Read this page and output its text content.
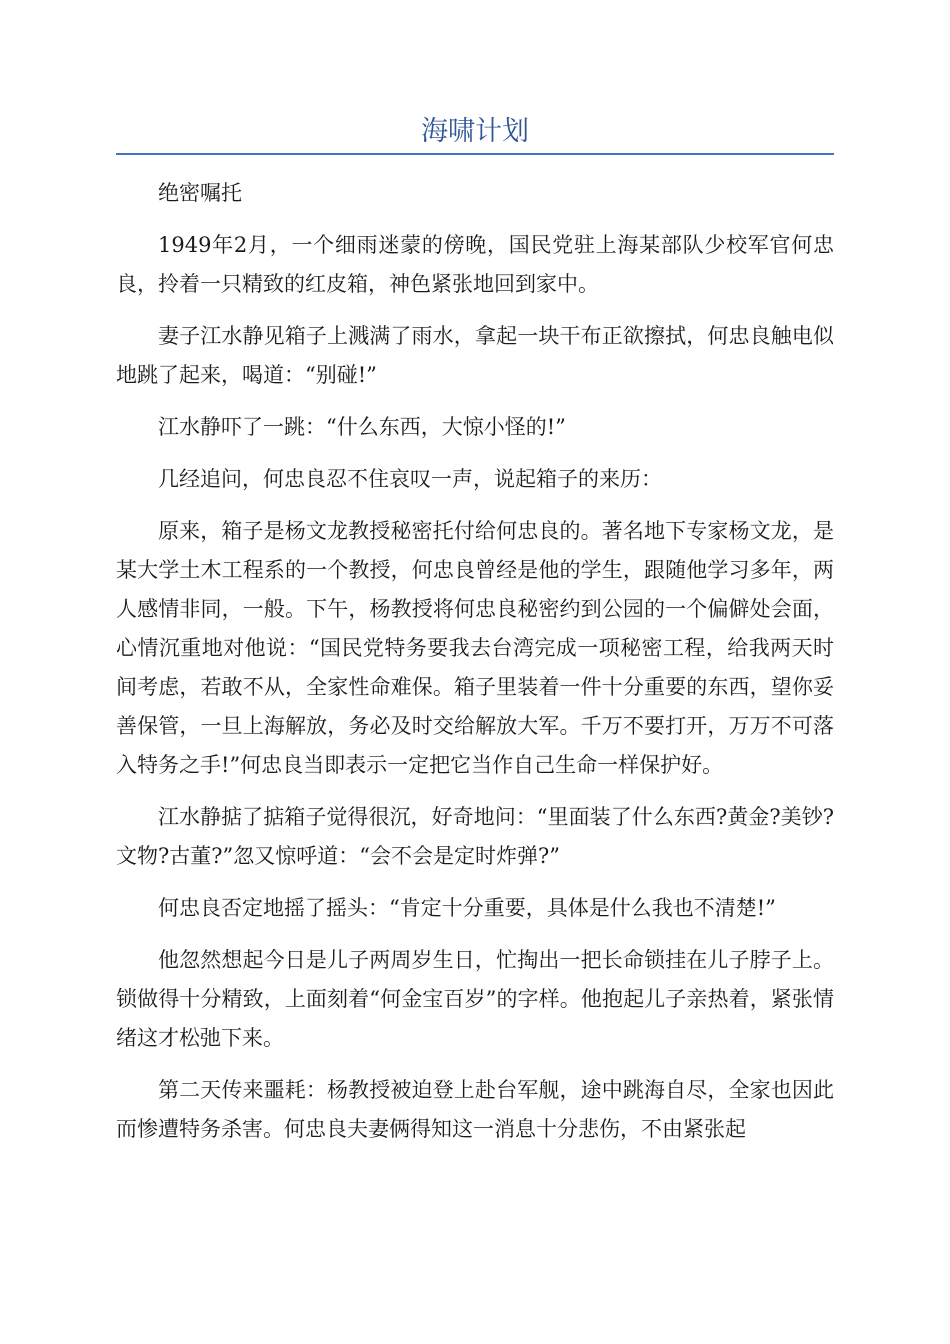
海啸计划

绝密嘱托

1949年2月，一个细雨迷蒙的傍晚，国民党驻上海某部队少校军官何忠良，拎着一只精致的红皮箱，神色紧张地回到家中。

妻子江水静见箱子上溅满了雨水，拿起一块干布正欲擦拭，何忠良触电似地跳了起来，喝道：“别碰!”

江水静吓了一跳：“什么东西，大惊小怪的!”

几经追问，何忠良忍不住哀叹一声，说起箱子的来历：

原来，箱子是杨文龙教授秘密托付给何忠良的。著名地下专家杨文龙，是某大学土木工程系的一个教授，何忠良曾经是他的学生，跟随他学习多年，两人感情非同，一般。下午，杨教授将何忠良秘密约到公园的一个偏僻处会面，心情沉重地对他说：“国民党特务要我去台湾完成一项秘密工程，给我两天时间考虑，若敢不从，全家性命难保。箱子里装着一件十分重要的东西，望你妥善保管，一旦上海解放，务必及时交给解放大军。千万不要打开，万万不可落入特务之手!”何忠良当即表示一定把它当作自己生命一样保护好。

江水静掂了掂箱子觉得很沉，好奇地问：“里面装了什么东西?黄金?美钞?文物?古董?”忽又惊呼道：“会不会是定时炸弹?”

何忠良否定地摇了摇头：“肯定十分重要，具体是什么我也不清楚!”

他忽然想起今日是儿子两周岁生日，忙掏出一把长命锁挂在儿子脖子上。锁做得十分精致，上面刻着“何金宝百岁”的字样。他抱起儿子亲热着，紧张情绪这才松弛下来。

第二天传来噩耗：杨教授被迫登上赴台军舰，途中跳海自尽，全家也因此而惨遭特务杀害。何忠良夫妻俩得知这一消息十分悲伤，不由紧张起
